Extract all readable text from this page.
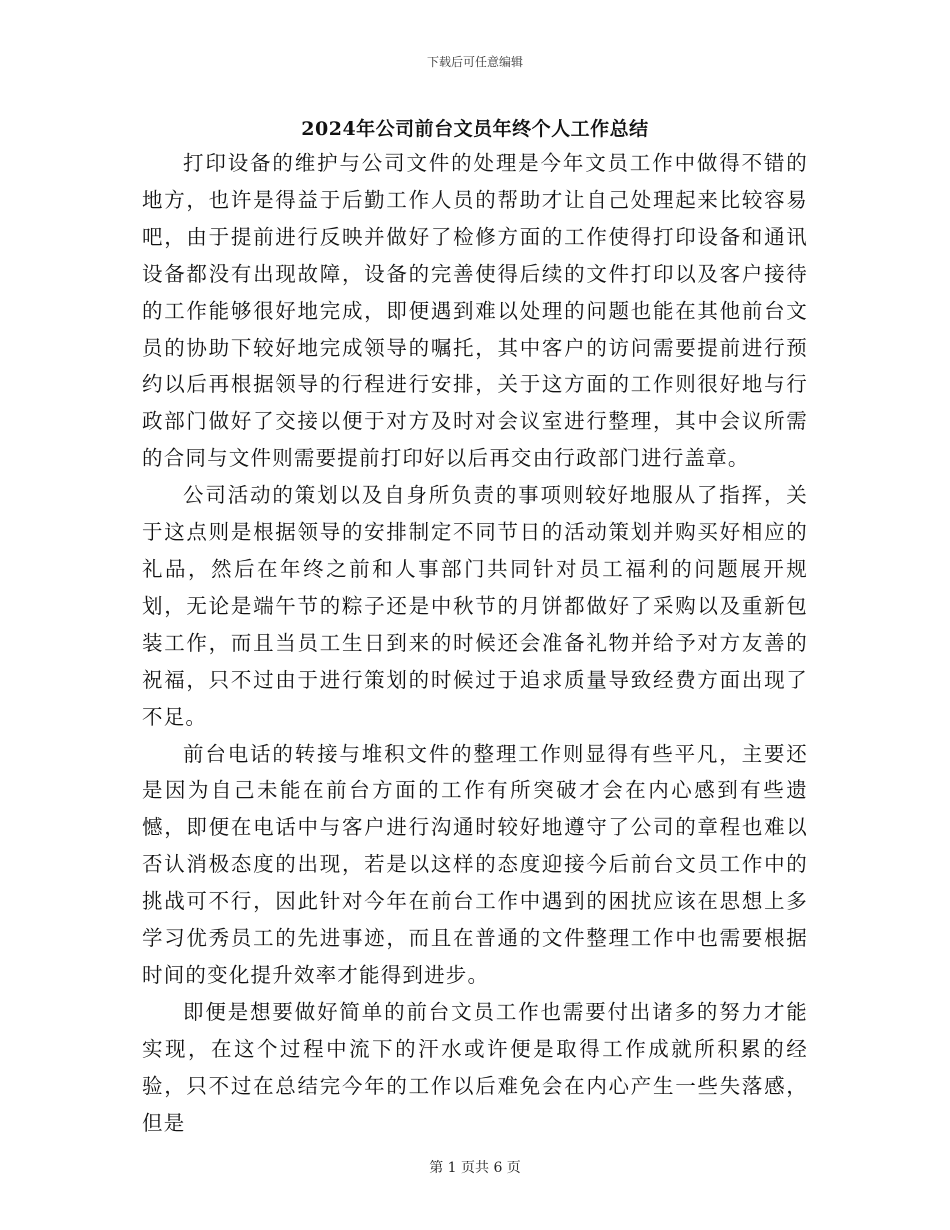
下载后可任意编辑
2024年公司前台文员年终个人工作总结

打印设备的维护与公司文件的处理是今年文员工作中做得不错的地方，也许是得益于后勤工作人员的帮助才让自己处理起来比较容易吧，由于提前进行反映并做好了检修方面的工作使得打印设备和通讯设备都没有出现故障，设备的完善使得后续的文件打印以及客户接待的工作能够很好地完成，即便遇到难以处理的问题也能在其他前台文员的协助下较好地完成领导的嘱托，其中客户的访问需要提前进行预约以后再根据领导的行程进行安排，关于这方面的工作则很好地与行政部门做好了交接以便于对方及时对会议室进行整理，其中会议所需的合同与文件则需要提前打印好以后再交由行政部门进行盖章。

公司活动的策划以及自身所负责的事项则较好地服从了指挥，关于这点则是根据领导的安排制定不同节日的活动策划并购买好相应的礼品，然后在年终之前和人事部门共同针对员工福利的问题展开规划，无论是端午节的粽子还是中秋节的月饼都做好了采购以及重新包装工作，而且当员工生日到来的时候还会准备礼物并给予对方友善的祝福，只不过由于进行策划的时候过于追求质量导致经费方面出现了不足。

前台电话的转接与堆积文件的整理工作则显得有些平凡，主要还是因为自己未能在前台方面的工作有所突破才会在内心感到有些遗憾，即便在电话中与客户进行沟通时较好地遵守了公司的章程也难以否认消极态度的出现，若是以这样的态度迎接今后前台文员工作中的挑战可不行，因此针对今年在前台工作中遇到的困扰应该在思想上多学习优秀员工的先进事迹，而且在普通的文件整理工作中也需要根据时间的变化提升效率才能得到进步。

即便是想要做好简单的前台文员工作也需要付出诸多的努力才能实现，在这个过程中流下的汗水或许便是取得工作成就所积累的经验，只不过在总结完今年的工作以后难免会在内心产生一些失落感，但是

第 1 页共 6 页
